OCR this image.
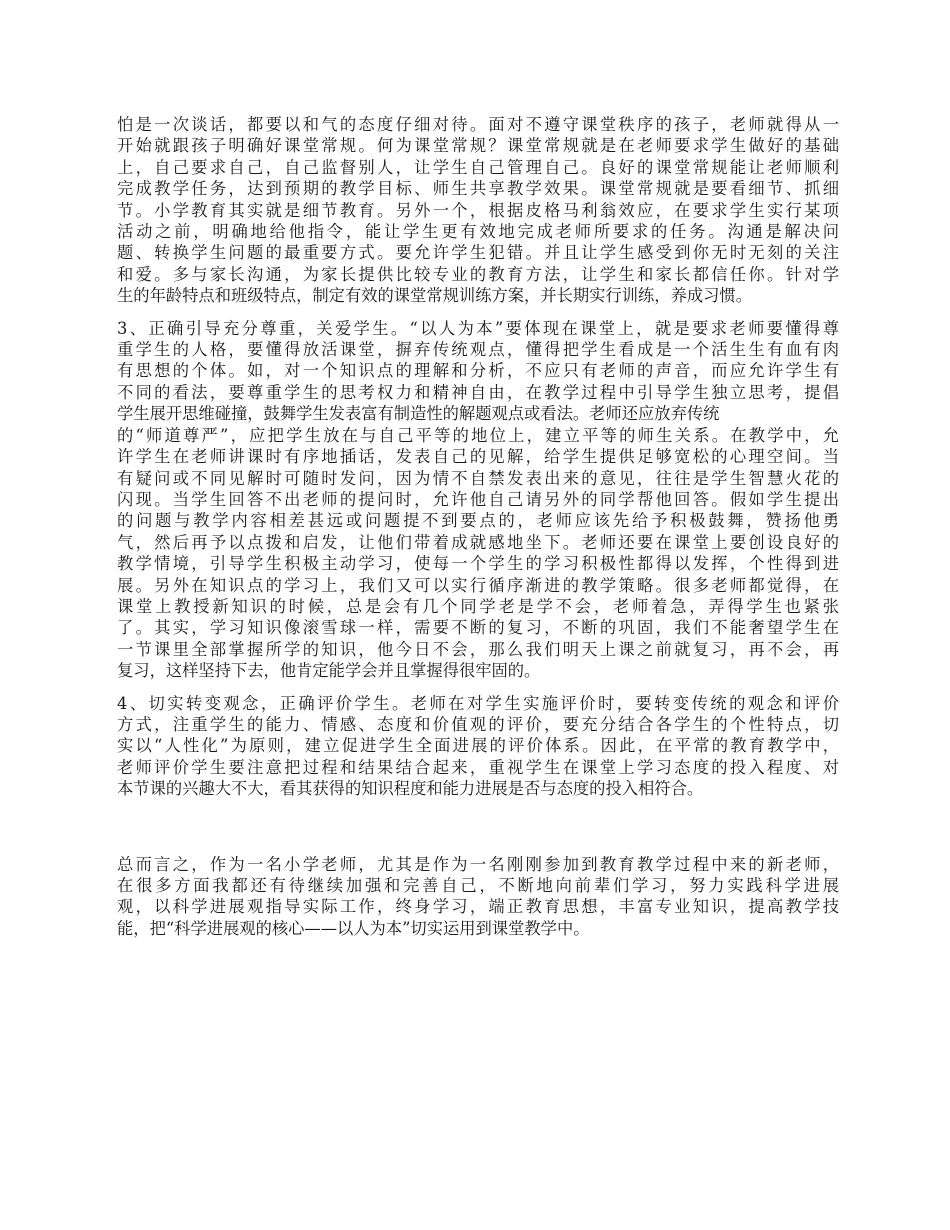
怕是一次谈话，都要以和气的态度仔细对待。面对不遵守课堂秩序的孩子，老师就得从一
开始就跟孩子明确好课堂常规。何为课堂常规？课堂常规就是在老师要求学生做好的基础
上，自己要求自己，自己监督别人，让学生自己管理自己。良好的课堂常规能让老师顺利
完成教学任务，达到预期的教学目标、师生共享教学效果。课堂常规就是要看细节、抓细
节。小学教育其实就是细节教育。另外一个，根据皮格马利翁效应，在要求学生实行某项
活动之前，明确地给他指令，能让学生更有效地完成老师所要求的任务。沟通是解决问
题、转换学生问题的最重要方式。要允许学生犯错。并且让学生感受到你无时无刻的关注
和爱。多与家长沟通，为家长提供比较专业的教育方法，让学生和家长都信任你。针对学
生的年龄特点和班级特点，制定有效的课堂常规训练方案，并长期实行训练，养成习惯。
3、正确引导充分尊重，关爱学生。“以人为本”要体现在课堂上，就是要求老师要懂得尊
重学生的人格，要懂得放活课堂，摒弃传统观点，懂得把学生看成是一个活生生有血有肉
有思想的个体。如，对一个知识点的理解和分析，不应只有老师的声音，而应允许学生有
不同的看法，要尊重学生的思考权力和精神自由，在教学过程中引导学生独立思考，提倡
学生展开思维碰撞，鼓舞学生发表富有制造性的解题观点或看法。老师还应放弃传统
的“师道尊严”，应把学生放在与自己平等的地位上，建立平等的师生关系。在教学中，允
许学生在老师讲课时有序地插话，发表自己的见解，给学生提供足够宽松的心理空间。当
有疑问或不同见解时可随时发问，因为情不自禁发表出来的意见，往往是学生智慧火花的
闪现。当学生回答不出老师的提问时，允许他自己请另外的同学帮他回答。假如学生提出
的问题与教学内容相差甚远或问题提不到要点的，老师应该先给予积极鼓舞，赞扬他勇
气，然后再予以点拨和启发，让他们带着成就感地坐下。老师还要在课堂上要创设良好的
教学情境，引导学生积极主动学习，使每一个学生的学习积极性都得以发挥，个性得到进
展。另外在知识点的学习上，我们又可以实行循序渐进的教学策略。很多老师都觉得，在
课堂上教授新知识的时候，总是会有几个同学老是学不会，老师着急，弄得学生也紧张
了。其实，学习知识像滚雪球一样，需要不断的复习，不断的巩固，我们不能奢望学生在
一节课里全部掌握所学的知识，他今日不会，那么我们明天上课之前就复习，再不会，再
复习，这样坚持下去，他肯定能学会并且掌握得很牢固的。
4、切实转变观念，正确评价学生。老师在对学生实施评价时，要转变传统的观念和评价
方式，注重学生的能力、情感、态度和价值观的评价，要充分结合各学生的个性特点，切
实以“人性化”为原则，建立促进学生全面进展的评价体系。因此，在平常的教育教学中，
老师评价学生要注意把过程和结果结合起来，重视学生在课堂上学习态度的投入程度、对
本节课的兴趣大不大，看其获得的知识程度和能力进展是否与态度的投入相符合。
总而言之，作为一名小学老师，尤其是作为一名刚刚参加到教育教学过程中来的新老师，
在很多方面我都还有待继续加强和完善自己，不断地向前辈们学习，努力实践科学进展
观，以科学进展观指导实际工作，终身学习，端正教育思想，丰富专业知识，提高教学技
能，把“科学进展观的核心——以人为本”切实运用到课堂教学中。
